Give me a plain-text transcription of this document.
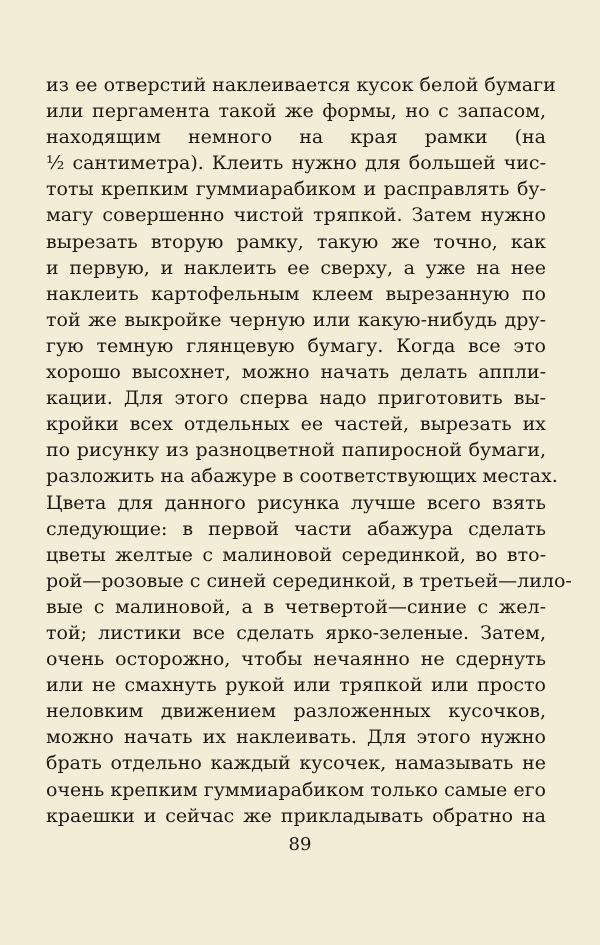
из ее отверстий наклеивается кусок белой бумаги
или пергамента такой же формы, но с запасом,
находящим немного на края рамки (на
½ сантиметра). Клеить нужно для большей чис-
тоты крепким гуммиарабиком и расправлять бу-
магу совершенно чистой тряпкой. Затем нужно
вырезать вторую рамку, такую же точно, как
и первую, и наклеить ее сверху, а уже на нее
наклеить картофельным клеем вырезанную по
той же выкройке черную или какую-нибудь дру-
гую темную глянцевую бумагу. Когда все это
хорошо высохнет, можно начать делать аппли-
кации. Для этого сперва надо приготовить вы-
кройки всех отдельных ее частей, вырезать их
по рисунку из разноцветной папиросной бумаги,
разложить на абажуре в соответствующих местах.
Цвета для данного рисунка лучше всего взять
следующие: в первой части абажура сделать
цветы желтые с малиновой серединкой, во вто-
рой—розовые с синей серединкой, в третьей—лило-
вые с малиновой, а в четвертой—синие с жел-
той; листики все сделать ярко-зеленые. Затем,
очень осторожно, чтобы нечаянно не сдернуть
или не смахнуть рукой или тряпкой или просто
неловким движением разложенных кусочков,
можно начать их наклеивать. Для этого нужно
брать отдельно каждый кусочек, намазывать не
очень крепким гуммиарабиком только самые его
краешки и сейчас же прикладывать обратно на
89
